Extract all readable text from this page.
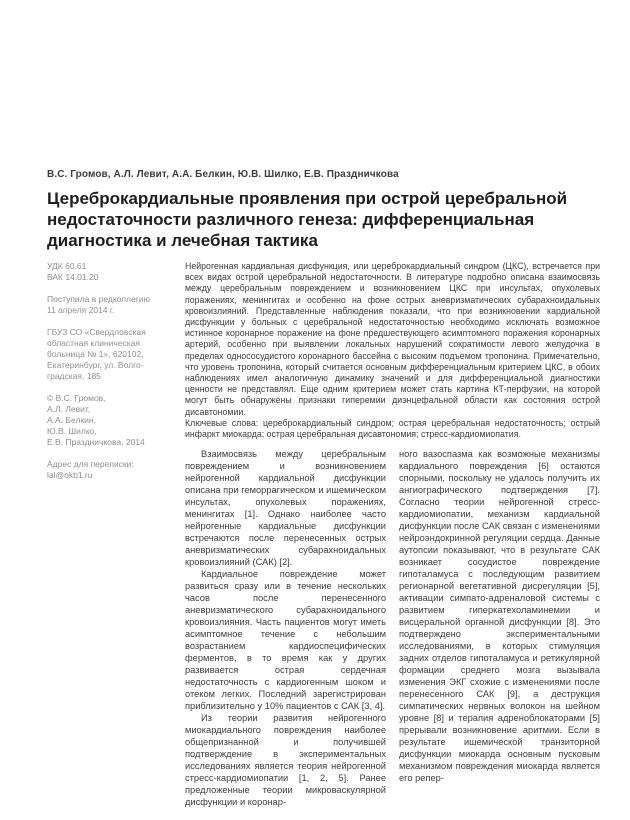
В.С. Громов, А.Л. Левит, А.А. Белкин, Ю.В. Шилко, Е.В. Праздничкова
Цереброкардиальные проявления при острой церебральной
недостаточности различного генеза: дифференциальная
диагностика и лечебная тактика
УДК 60.61
ВАК 14.01.20
Поступила в редколлегию
11 апреля 2014 г.
ГБУЗ СО «Свердловская
областная клиническая
больница № 1», 620102,
Екатеринбург, ул. Волго-
градская, 185
© В.С. Громов,
А.Л. Левит,
А.А. Белкин,
Ю.В. Шилко,
Е.В. Праздничкова, 2014
Адрес для переписки:
lal@okb1.ru
Нейрогенная кардиальная дисфункция, или цереброкардиальный синдром (ЦКС), встречается при всех видах острой церебральной недостаточности. В литературе подробно описана взаимосвязь между церебральным повреждением и возникновением ЦКС при инсультах, опухолевых поражениях, менингитах и особенно на фоне острых аневризматических субарахноидальных кровоизлияний. Представленные наблюдения показали, что при возникновении кардиальной дисфункции у больных с церебральной недостаточностью необходимо исключать возможное истинное коронарное поражение на фоне предшествующего асимптомного поражения коронарных артерий, особенно при выявлении локальных нарушений сократимости левого желудочка в пределах однососудистого коронарного бассейна с высоким подъемом тропонина. Примечательно, что уровень тропонина, который считается основным дифференциальным критерием ЦКС, в обоих наблюдениях имел аналогичную динамику значений и для дифференциальной диагностики ценности не представлял. Еще одним критерием может стать картина КТ-перфузии, на которой могут быть обнаружены признаки гиперемии диэнцефальной области как состояния острой дисавтономии.
Ключевые слова: цереброкардиальный синдром; острая церебральная недостаточность; острый инфаркт миокарда; острая церебральная дисавтономия; стресс-кардиомиопатия.

Взаимосвязь между церебральным повреждением и возникновением нейрогенной кардиальной дисфункции описана при геморрагическом и ишемическом инсультах, опухолевых поражениях, менингитах [1]. Однако наиболее часто нейрогенные кардиальные дисфункции встречаются после перенесенных острых аневризматических субарахноидальных кровоизлияний (САК) [2].

Кардиальное повреждение может развиться сразу или в течение нескольких часов после перенесенного аневризматического субарахноидального кровоизлияния. Часть пациентов могут иметь асимптомное течение с небольшим возрастанием кардиоспецифических ферментов, в то время как у других развивается острая сердечная недостаточность с кардиогенным шоком и отеком легких. Последний зарегистрирован приблизительно у 10% пациентов с САК [3, 4].

Из теории развития нейрогенного миокардиального повреждения наиболее общепризнанной и получившей подтверждение в экспериментальных исследованиях является теория нейрогенной стресс-кардиомиопатии [1, 2, 5]. Ранее предложенные теории микроваскулярной дисфункции и коронар-

ного вазоспазма как возможные механизмы кардиального повреждения [6] остаются спорными, поскольку не удалось получить их ангиографического подтверждения [7]. Согласно теории нейрогенной стресс-кардиомиопатии, механизм кардиальной дисфункции после САК связан с изменениями нейроэндокринной регуляции сердца. Данные аутопсии показывают, что в результате САК возникает сосудистое повреждение гипоталамуса с последующим развитием регионарной вегетативной дисрегуляции [5], активации симпато-адреналовой системы с развитием гиперкатехоламинемии и висцеральной органной дисфункции [8]. Это подтверждено экспериментальными исследованиями, в которых стимуляция задних отделов гипоталамуса и ретикулярной формации среднего мозга вызывала изменения ЭКГ схожие с изменениями после перенесенного САК [9], а деструкция симпатических нервных волокон на шейном уровне [8] и терапия адреноблокаторами [5] прерывали возникновение аритмии. Если в результате ишемической транзиторной дисфункции миокарда основным пусковым механизмом повреждения миокарда является его репер-
